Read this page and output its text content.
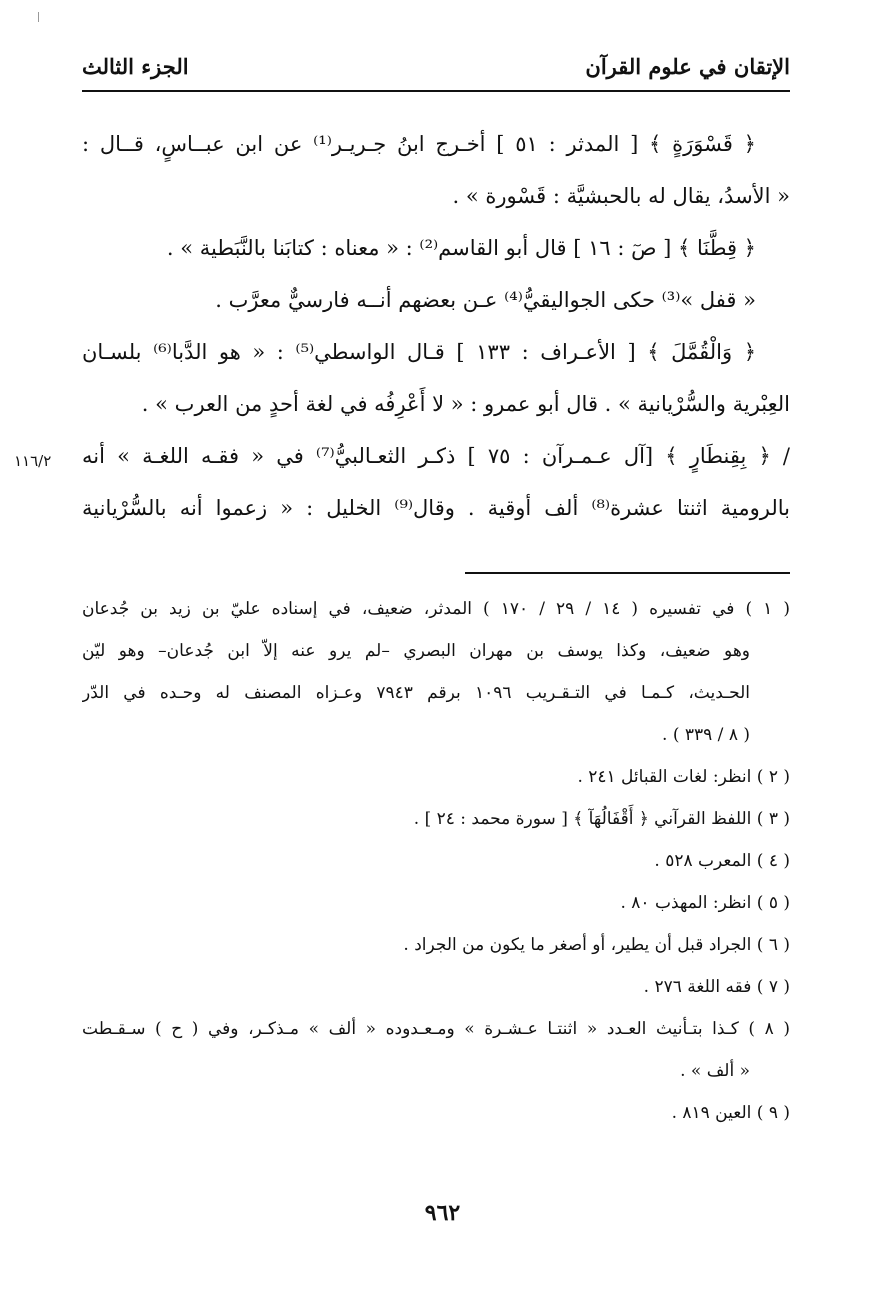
الإتقان في علوم القرآن
الجزء الثالث
﴿ قَسْوَرَةٍ ﴾ [ المدثر : ٥١ ] أخـرج ابنُ جـريـر⁽¹⁾ عن ابن عبــاسٍ، قــال :
« الأسدُ، يقال له بالحبشيَّة : قَسْورة » .
﴿ قِطَّنَا ﴾ [ صٓ : ١٦ ] قال أبو القاسم⁽²⁾ : « معناه : كتابَنا بالنَّبَطية » .
« قفل »⁽³⁾ حكى الجواليقيُّ⁽⁴⁾ عـن بعضهم أنــه فارسيٌّ معرَّب .
﴿ وَالْقُمَّلَ ﴾ [ الأعـراف : ١٣٣ ] قـال الواسطي⁽⁵⁾ : « هو الدَّبا⁽⁶⁾ بلسـان
العِبْرية والسُّرْيانية » . قال أبو عمرو : « لا أَعْرِفُه في لغة أحدٍ من العرب » .
/ ﴿ بِقِنطَارٍ ﴾ [آل عـمـرآن : ٧٥ ] ذكـر الثعـالبيُّ⁽⁷⁾ في « فقـه اللغـة » أنه
بالرومية اثنتا عشرة⁽⁸⁾ ألف أوقية . وقال⁽⁹⁾ الخليل : « زعموا أنه بالسُّرْيانية
١١٦/٢
( ١ ) في تفسيره ( ١٤ / ٢٩ / ١٧٠ ) المدثر، ضعيف، في إسناده عليّ بن زيد بن جُدعان
وهو ضعيف، وكذا يوسف بن مهران البصري –لم يرو عنه إلاّ ابن جُدعان– وهو ليّن
الحـديث، كـمـا في التـقـريب ١٠٩٦ برقم ٧٩٤٣ وعـزاه المصنف له وحـده في الدّر
( ٨ / ٣٣٩ ) .
( ٢ ) انظر: لغات القبائل ٢٤١ .
( ٣ ) اللفظ القرآني ﴿ أَقْفَالُهَآ ﴾ [ سورة محمد : ٢٤ ] .
( ٤ ) المعرب ٥٢٨ .
( ٥ ) انظر: المهذب ٨٠ .
( ٦ ) الجراد قبل أن يطير، أو أصغر ما يكون من الجراد .
( ٧ ) فقه اللغة ٢٧٦ .
( ٨ ) كـذا بتـأنيث العـدد « اثنتـا عـشـرة » ومـعـدوده « ألف » مـذكـر، وفي ( ح ) سـقـطت
« ألف » .
( ٩ ) العين ٨١٩ .
٩٦٢
